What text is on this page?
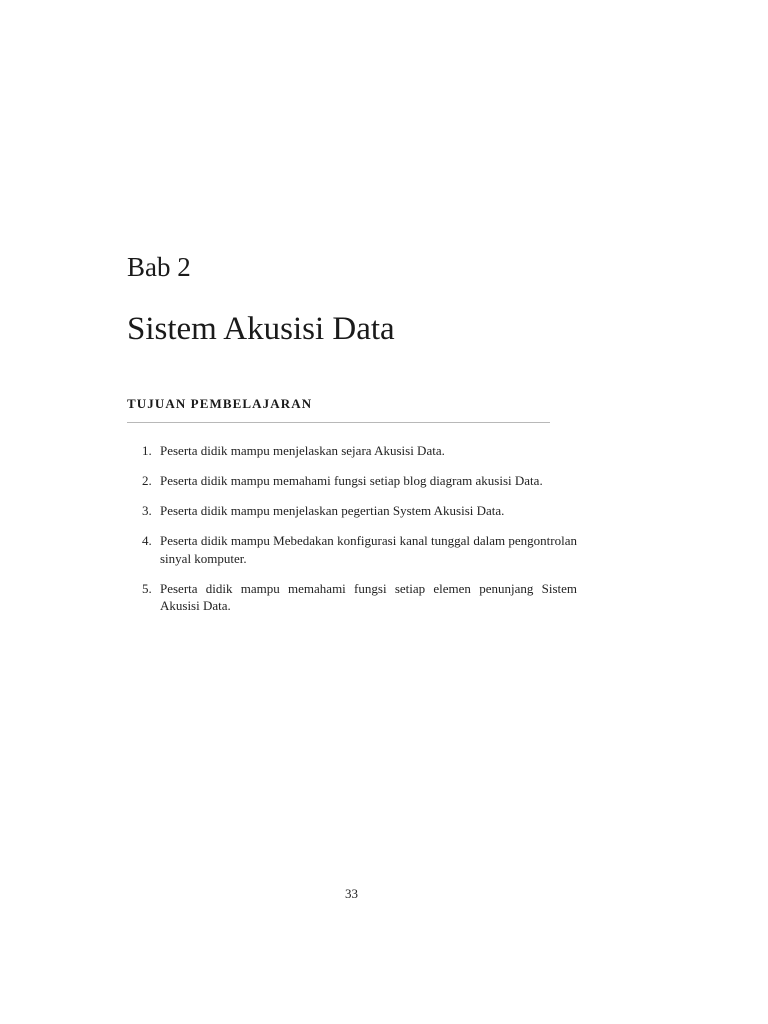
Bab 2
Sistem Akusisi Data
TUJUAN PEMBELAJARAN
1. Peserta didik mampu menjelaskan sejara Akusisi Data.
2. Peserta didik mampu memahami fungsi setiap blog diagram akusisi Data.
3. Peserta didik mampu menjelaskan pegertian System Akusisi Data.
4. Peserta didik mampu Mebedakan konfigurasi kanal tunggal dalam pengontrolan sinyal komputer.
5. Peserta didik mampu memahami fungsi setiap elemen penunjang Sistem Akusisi Data.
33
